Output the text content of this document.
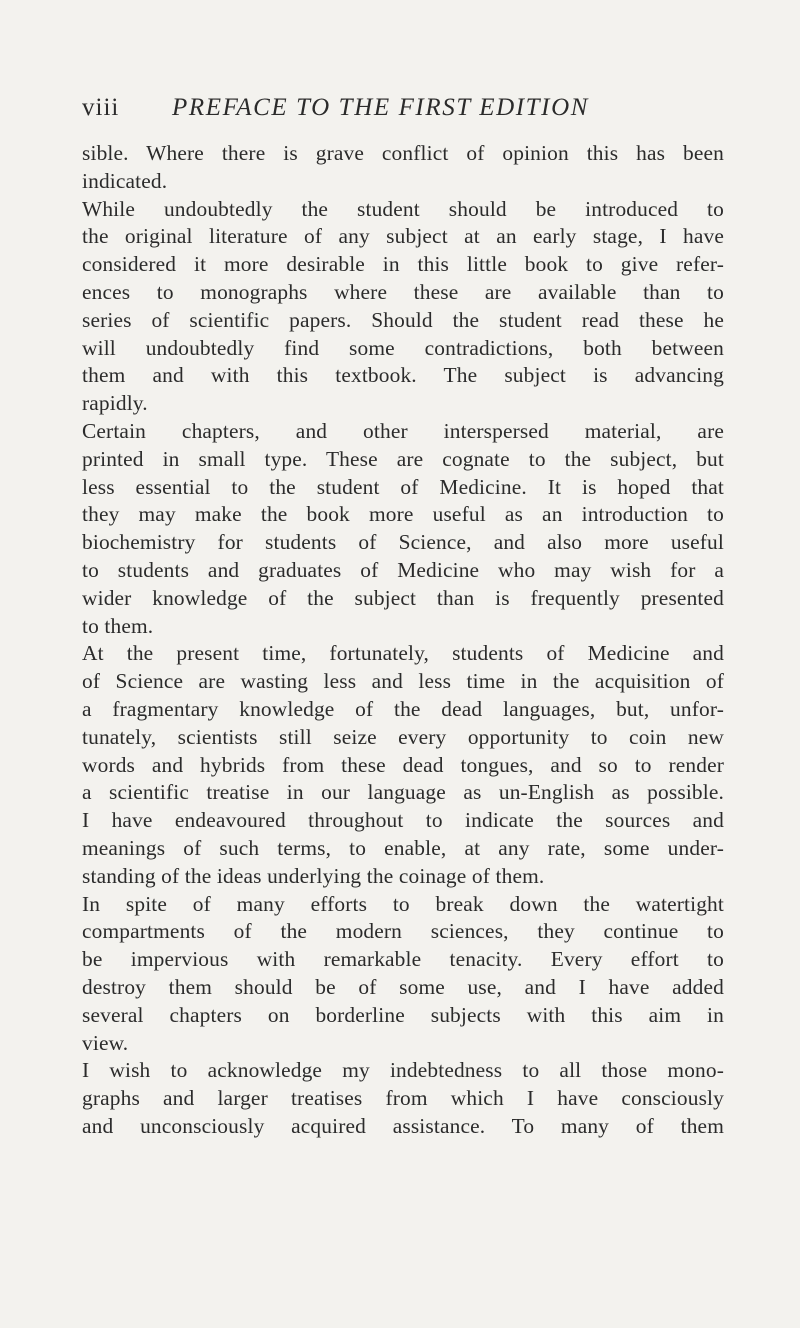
viii PREFACE TO THE FIRST EDITION
sible. Where there is grave conflict of opinion this has been
indicated.
While undoubtedly the student should be introduced to
the original literature of any subject at an early stage, I have
considered it more desirable in this little book to give refer-
ences to monographs where these are available than to
series of scientific papers. Should the student read these he
will undoubtedly find some contradictions, both between
them and with this textbook. The subject is advancing
rapidly.
Certain chapters, and other interspersed material, are
printed in small type. These are cognate to the subject, but
less essential to the student of Medicine. It is hoped that
they may make the book more useful as an introduction to
biochemistry for students of Science, and also more useful
to students and graduates of Medicine who may wish for a
wider knowledge of the subject than is frequently presented
to them.
At the present time, fortunately, students of Medicine and
of Science are wasting less and less time in the acquisition of
a fragmentary knowledge of the dead languages, but, unfor-
tunately, scientists still seize every opportunity to coin new
words and hybrids from these dead tongues, and so to render
a scientific treatise in our language as un-English as possible.
I have endeavoured throughout to indicate the sources and
meanings of such terms, to enable, at any rate, some under-
standing of the ideas underlying the coinage of them.
In spite of many efforts to break down the watertight
compartments of the modern sciences, they continue to
be impervious with remarkable tenacity. Every effort to
destroy them should be of some use, and I have added
several chapters on borderline subjects with this aim in
view.
I wish to acknowledge my indebtedness to all those mono-
graphs and larger treatises from which I have consciously
and unconsciously acquired assistance. To many of them
